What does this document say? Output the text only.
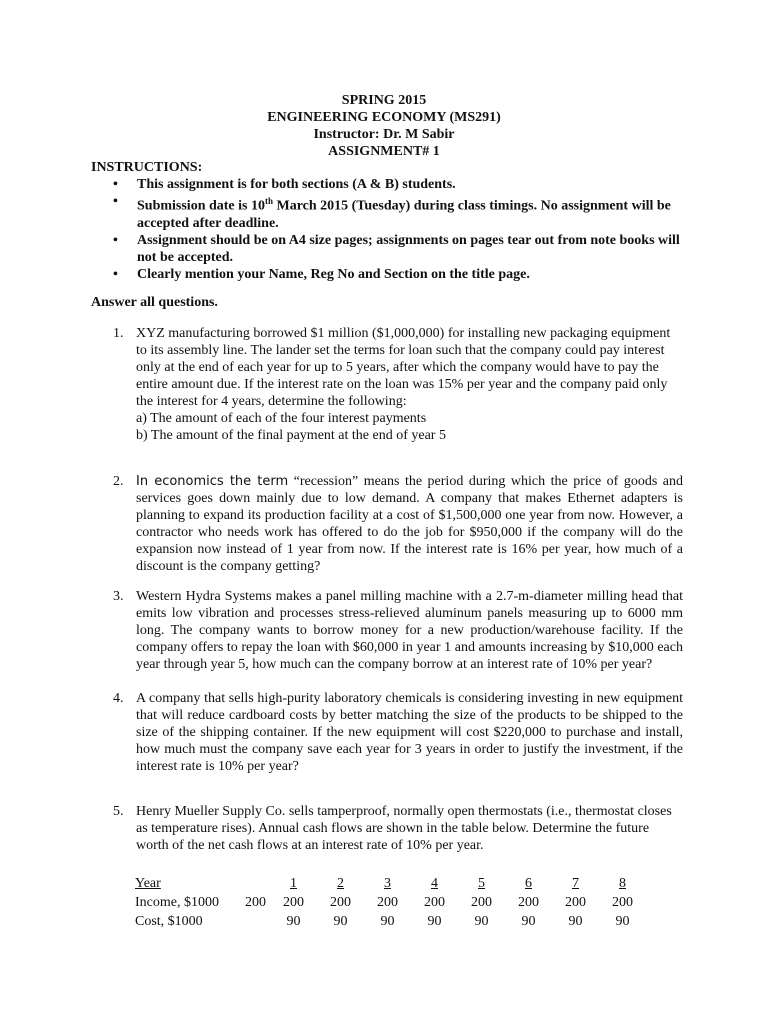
SPRING 2015
ENGINEERING ECONOMY (MS291)
Instructor: Dr. M Sabir
ASSIGNMENT# 1
INSTRUCTIONS:
• This assignment is for both sections (A & B) students.
• Submission date is 10th March 2015 (Tuesday) during class timings. No assignment will be accepted after deadline.
• Assignment should be on A4 size pages; assignments on pages tear out from note books will not be accepted.
• Clearly mention your Name, Reg No and Section on the title page.
Answer all questions.
1. XYZ manufacturing borrowed $1 million ($1,000,000) for installing new packaging equipment to its assembly line. The lander set the terms for loan such that the company could pay interest only at the end of each year for up to 5 years, after which the company would have to pay the entire amount due. If the interest rate on the loan was 15% per year and the company paid only the interest for 4 years, determine the following:
a) The amount of each of the four interest payments
b) The amount of the final payment at the end of year 5
2. In economics the term “recession” means the period during which the price of goods and services goes down mainly due to low demand. A company that makes Ethernet adapters is planning to expand its production facility at a cost of $1,500,000 one year from now. However, a contractor who needs work has offered to do the job for $950,000 if the company will do the expansion now instead of 1 year from now. If the interest rate is 16% per year, how much of a discount is the company getting?
3. Western Hydra Systems makes a panel milling machine with a 2.7-m-diameter milling head that emits low vibration and processes stress-relieved aluminum panels measuring up to 6000 mm long. The company wants to borrow money for a new production/warehouse facility. If the company offers to repay the loan with $60,000 in year 1 and amounts increasing by $10,000 each year through year 5, how much can the company borrow at an interest rate of 10% per year?
4. A company that sells high-purity laboratory chemicals is considering investing in new equipment that will reduce cardboard costs by better matching the size of the products to be shipped to the size of the shipping container. If the new equipment will cost $220,000 to purchase and install, how much must the company save each year for 3 years in order to justify the investment, if the interest rate is 10% per year?
5. Henry Mueller Supply Co. sells tamperproof, normally open thermostats (i.e., thermostat closes as temperature rises). Annual cash flows are shown in the table below. Determine the future worth of the net cash flows at an interest rate of 10% per year.
Year		1	2	3	4	5	6	7	8
Income, $1000	200	200	200	200	200	200	200	200	200
Cost, $1000		90	90	90	90	90	90	90	90
